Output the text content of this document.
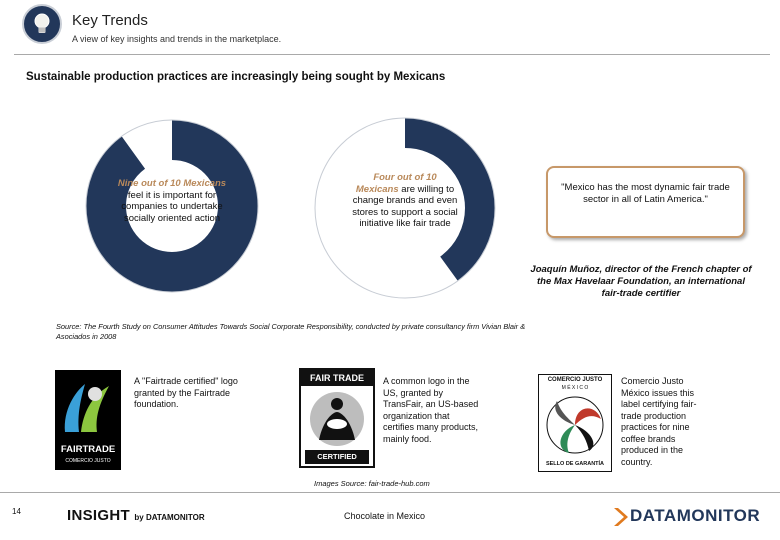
Key Trends
A view of key insights and trends in the marketplace.
Sustainable production practices are increasingly being sought by Mexicans
Nine out of 10 Mexicans feel it is important for companies to undertake socially oriented action
Four out of 10 Mexicans are willing to change brands and even stores to support a social initiative like fair trade
"Mexico has the most dynamic fair trade sector in all of Latin America."
Joaquín Muñoz, director of the French chapter of the Max Havelaar Foundation, an international fair-trade certifier
Source: The Fourth Study on Consumer Attitudes Towards Social Corporate Responsibility, conducted by private consultancy firm Vivian Blair & Asociados in 2008
FAIRTRADE
COMERCIO JUSTO
A "Fairtrade certified" logo granted by the Fairtrade foundation.
FAIR TRADE
CERTIFIED
A common logo in the US, granted by TransFair, an US-based organization that certifies many products, mainly food.
COMERCIO JUSTO
M É X I C O
SELLO DE GARANTÍA
Comercio Justo México issues this label certifying fair-trade production practices for nine coffee brands produced in the country.
Images Source: fair-trade-hub.com
14	INSIGHT by DATAMONITOR	Chocolate in Mexico	DATAMONITOR
